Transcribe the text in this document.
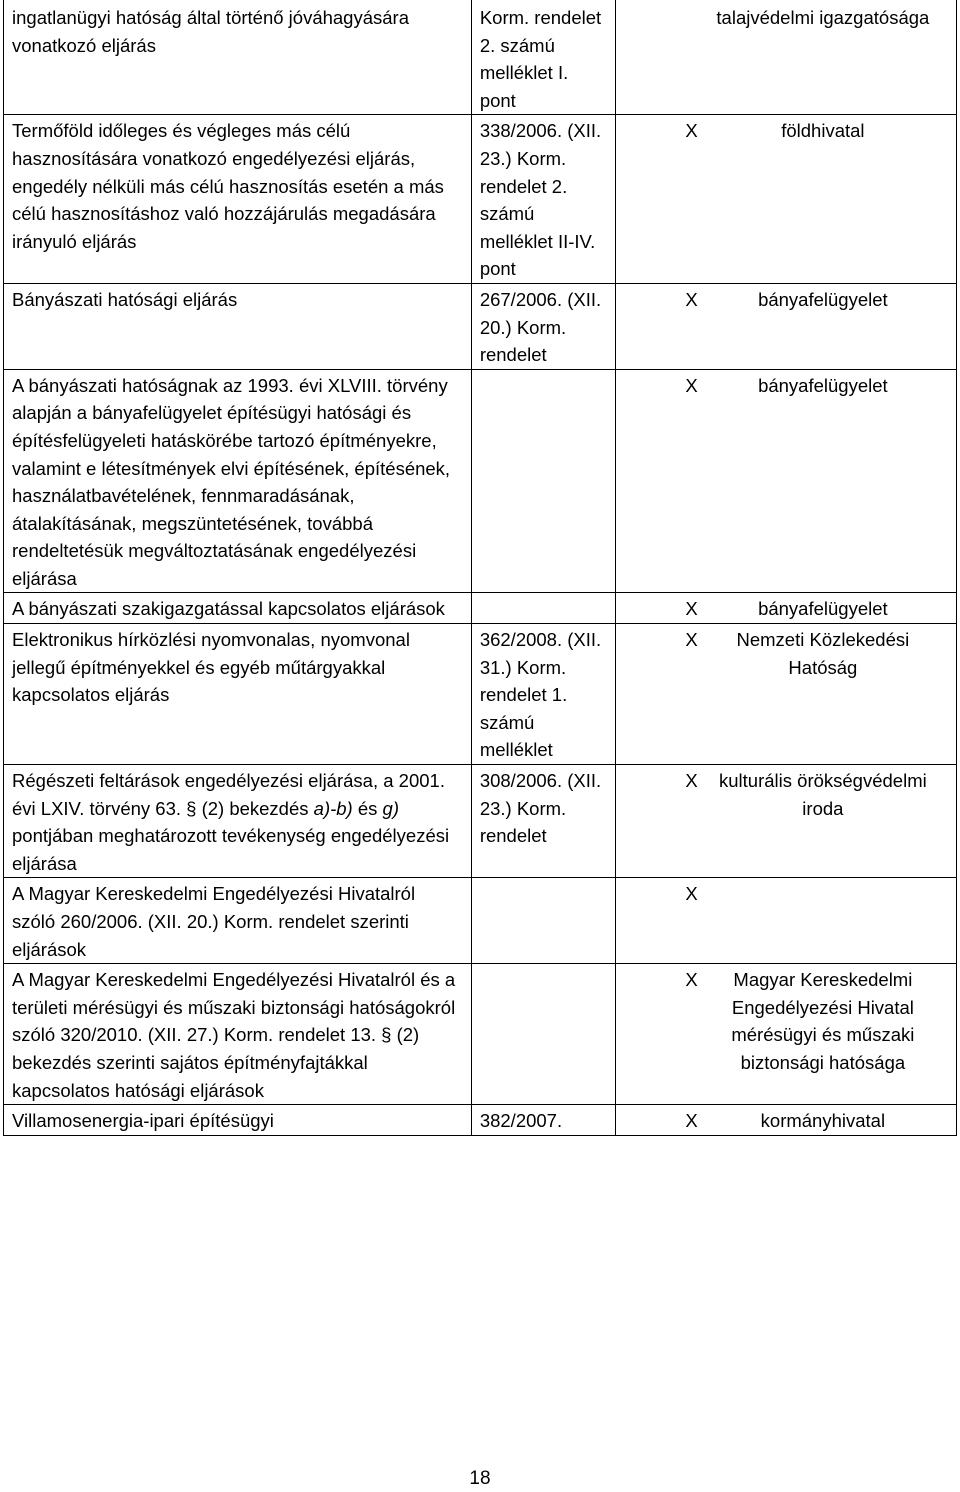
ingatlanügyi hatóság által történő jóváhagyására vonatkozó eljárás	Korm. rendelet 2. számú melléklet I. pont	talajvédelmi igazgatósága

Termőföld időleges és végleges más célú hasznosítására vonatkozó engedélyezési eljárás, engedély nélküli más célú hasznosítás esetén a más célú hasznosításhoz való hozzájárulás megadására irányuló eljárás	338/2006. (XII. 23.) Korm. rendelet 2. számú melléklet II-IV. pont	X földhivatal

Bányászati hatósági eljárás	267/2006. (XII. 20.) Korm. rendelet	X bányafelügyelet

A bányászati hatóságnak az 1993. évi XLVIII. törvény alapján a bányafelügyelet építésügyi hatósági és építésfelügyeleti hatáskörébe tartozó építményekre, valamint e létesítmények elvi építésének, építésének, használatbavételének, fennmaradásának, átalakításának, megszüntetésének, továbbá rendeltetésük megváltoztatásának engedélyezési eljárása		X bányafelügyelet

A bányászati szakigazgatással kapcsolatos eljárások		X bányafelügyelet

Elektronikus hírközlési nyomvonalas, nyomvonal jellegű építményekkel és egyéb műtárgyakkal kapcsolatos eljárás	362/2008. (XII. 31.) Korm. rendelet 1. számú melléklet	X Nemzeti Közlekedési Hatóság

Régészeti feltárások engedélyezési eljárása, a 2001. évi LXIV. törvény 63. § (2) bekezdés a)-b) és g) pontjában meghatározott tevékenység engedélyezési eljárása	308/2006. (XII. 23.) Korm. rendelet	X kulturális örökségvédelmi iroda

A Magyar Kereskedelmi Engedélyezési Hivatalról szóló 260/2006. (XII. 20.) Korm. rendelet szerinti eljárások		X

A Magyar Kereskedelmi Engedélyezési Hivatalról és a területi mérésügyi és műszaki biztonsági hatóságokról szóló 320/2010. (XII. 27.) Korm. rendelet 13. § (2) bekezdés szerinti sajátos építményfajtákkal kapcsolatos hatósági eljárások		X Magyar Kereskedelmi Engedélyezési Hivatal mérésügyi és műszaki biztonsági hatósága

Villamosenergia-ipari építésügyi	382/2007.	X kormányhivatal
18
